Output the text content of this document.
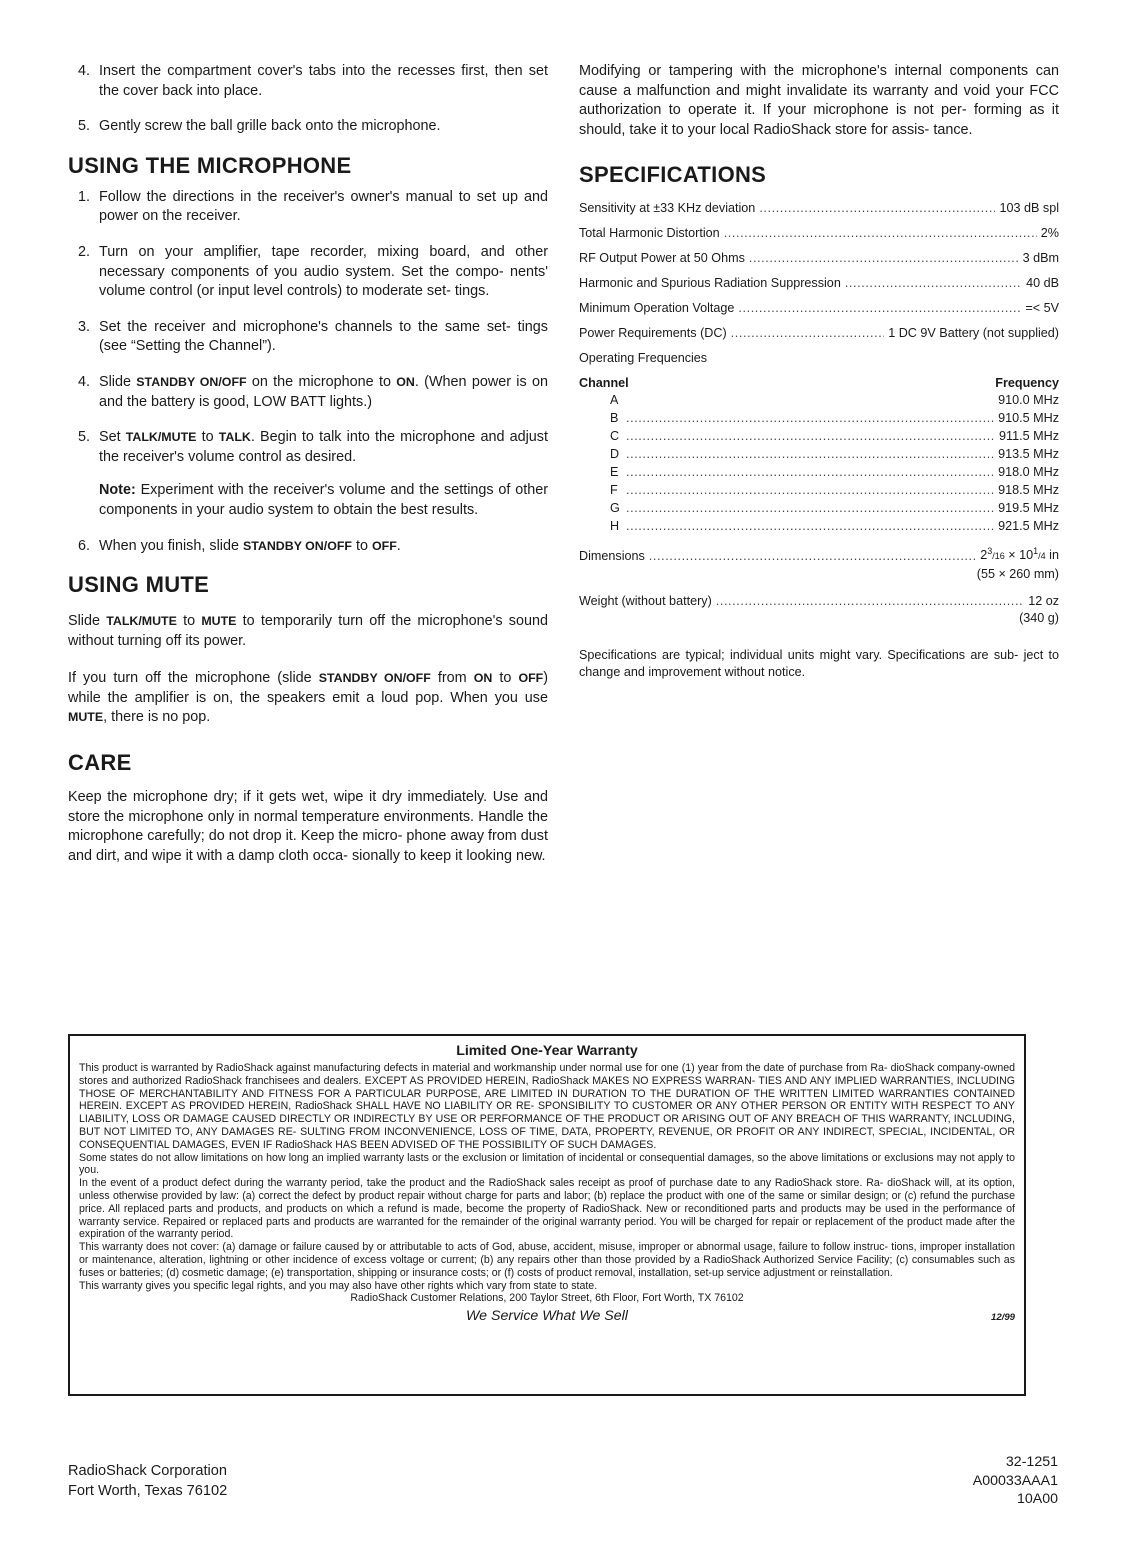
4. Insert the compartment cover's tabs into the recesses first, then set the cover back into place.
5. Gently screw the ball grille back onto the microphone.
USING THE MICROPHONE
1. Follow the directions in the receiver's owner's manual to set up and power on the receiver.
2. Turn on your amplifier, tape recorder, mixing board, and other necessary components of you audio system. Set the compo- nents' volume control (or input level controls) to moderate set- tings.
3. Set the receiver and microphone's channels to the same set- tings (see “Setting the Channel”).
4. Slide STANDBY ON/OFF on the microphone to ON. (When power is on and the battery is good, LOW BATT lights.)
5. Set TALK/MUTE to TALK. Begin to talk into the microphone and adjust the receiver's volume control as desired.

Note: Experiment with the receiver's volume and the settings of other components in your audio system to obtain the best results.

6. When you finish, slide STANDBY ON/OFF to OFF.
USING MUTE

Slide TALK/MUTE to MUTE to temporarily turn off the microphone's sound without turning off its power.

If you turn off the microphone (slide STANDBY ON/OFF from ON to OFF) while the amplifier is on, the speakers emit a loud pop. When you use MUTE, there is no pop.

CARE

Keep the microphone dry; if it gets wet, wipe it dry immediately. Use and store the microphone only in normal temperature environments. Handle the microphone carefully; do not drop it. Keep the micro- phone away from dust and dirt, and wipe it with a damp cloth occa- sionally to keep it looking new.

Modifying or tampering with the microphone's internal components can cause a malfunction and might invalidate its warranty and void your FCC authorization to operate it. If your microphone is not per- forming as it should, take it to your local RadioShack store for assis- tance.

SPECIFICATIONS
Sensitivity at ±33 KHz deviation .....	103 dB spl
Total Harmonic Distortion .....	2%
RF Output Power at 50 Ohms .....	3 dBm
Harmonic and Spurious Radiation Suppression .....	40 dB
Minimum Operation Voltage .....	=< 5V
Power Requirements (DC) .....	1 DC 9V Battery (not supplied)
Operating Frequencies
Channel	Frequency
A	910.0 MHz
B .....	910.5 MHz
C .....	911.5 MHz
D .....	913.5 MHz
E .....	918.0 MHz
F .....	918.5 MHz
G .....	919.5 MHz
H .....	921.5 MHz
Dimensions .....	$2^3/16 \times 10^1/4$ in
(55 × 260 mm)
Weight (without battery) .....	12 oz
(340 g)

Specifications are typical; individual units might vary. Specifications are sub- ject to change and improvement without notice.

Limited One-Year Warranty

This product is warranted by RadioShack against manufacturing defects in material and workmanship under normal use for one (1) year from the date of purchase from Ra- dioShack company-owned stores and authorized RadioShack franchisees and dealers. EXCEPT AS PROVIDED HEREIN, RadioShack MAKES NO EXPRESS WARRAN- TIES AND ANY IMPLIED WARRANTIES, INCLUDING THOSE OF MERCHANTABILITY AND FITNESS FOR A PARTICULAR PURPOSE, ARE LIMITED IN DURATION TO THE DURATION OF THE WRITTEN LIMITED WARRANTIES CONTAINED HEREIN. EXCEPT AS PROVIDED HEREIN, RadioShack SHALL HAVE NO LIABILITY OR RE- SPONSIBILITY TO CUSTOMER OR ANY OTHER PERSON OR ENTITY WITH RESPECT TO ANY LIABILITY, LOSS OR DAMAGE CAUSED DIRECTLY OR INDIRECTLY BY USE OR PERFORMANCE OF THE PRODUCT OR ARISING OUT OF ANY BREACH OF THIS WARRANTY, INCLUDING, BUT NOT LIMITED TO, ANY DAMAGES RE- SULTING FROM INCONVENIENCE, LOSS OF TIME, DATA, PROPERTY, REVENUE, OR PROFIT OR ANY INDIRECT, SPECIAL, INCIDENTAL, OR CONSEQUENTIAL DAMAGES, EVEN IF RadioShack HAS BEEN ADVISED OF THE POSSIBILITY OF SUCH DAMAGES.

Some states do not allow limitations on how long an implied warranty lasts or the exclusion or limitation of incidental or consequential damages, so the above limitations or exclusions may not apply to you.

In the event of a product defect during the warranty period, take the product and the RadioShack sales receipt as proof of purchase date to any RadioShack store. Ra- dioShack will, at its option, unless otherwise provided by law: (a) correct the defect by product repair without charge for parts and labor; (b) replace the product with one of the same or similar design; or (c) refund the purchase price. All replaced parts and products, and products on which a refund is made, become the property of RadioShack. New or reconditioned parts and products may be used in the performance of warranty service. Repaired or replaced parts and products are warranted for the remainder of the original warranty period. You will be charged for repair or replacement of the product made after the expiration of the warranty period.

This warranty does not cover: (a) damage or failure caused by or attributable to acts of God, abuse, accident, misuse, improper or abnormal usage, failure to follow instruc- tions, improper installation or maintenance, alteration, lightning or other incidence of excess voltage or current; (b) any repairs other than those provided by a RadioShack Authorized Service Facility; (c) consumables such as fuses or batteries; (d) cosmetic damage; (e) transportation, shipping or insurance costs; or (f) costs of product removal, installation, set-up service adjustment or reinstallation.

This warranty gives you specific legal rights, and you may also have other rights which vary from state to state.

RadioShack Customer Relations, 200 Taylor Street, 6th Floor, Fort Worth, TX 76102

We Service What We Sell	12/99
RadioShack Corporation
Fort Worth, Texas 76102
32-1251
A00033AAA1
10A00
